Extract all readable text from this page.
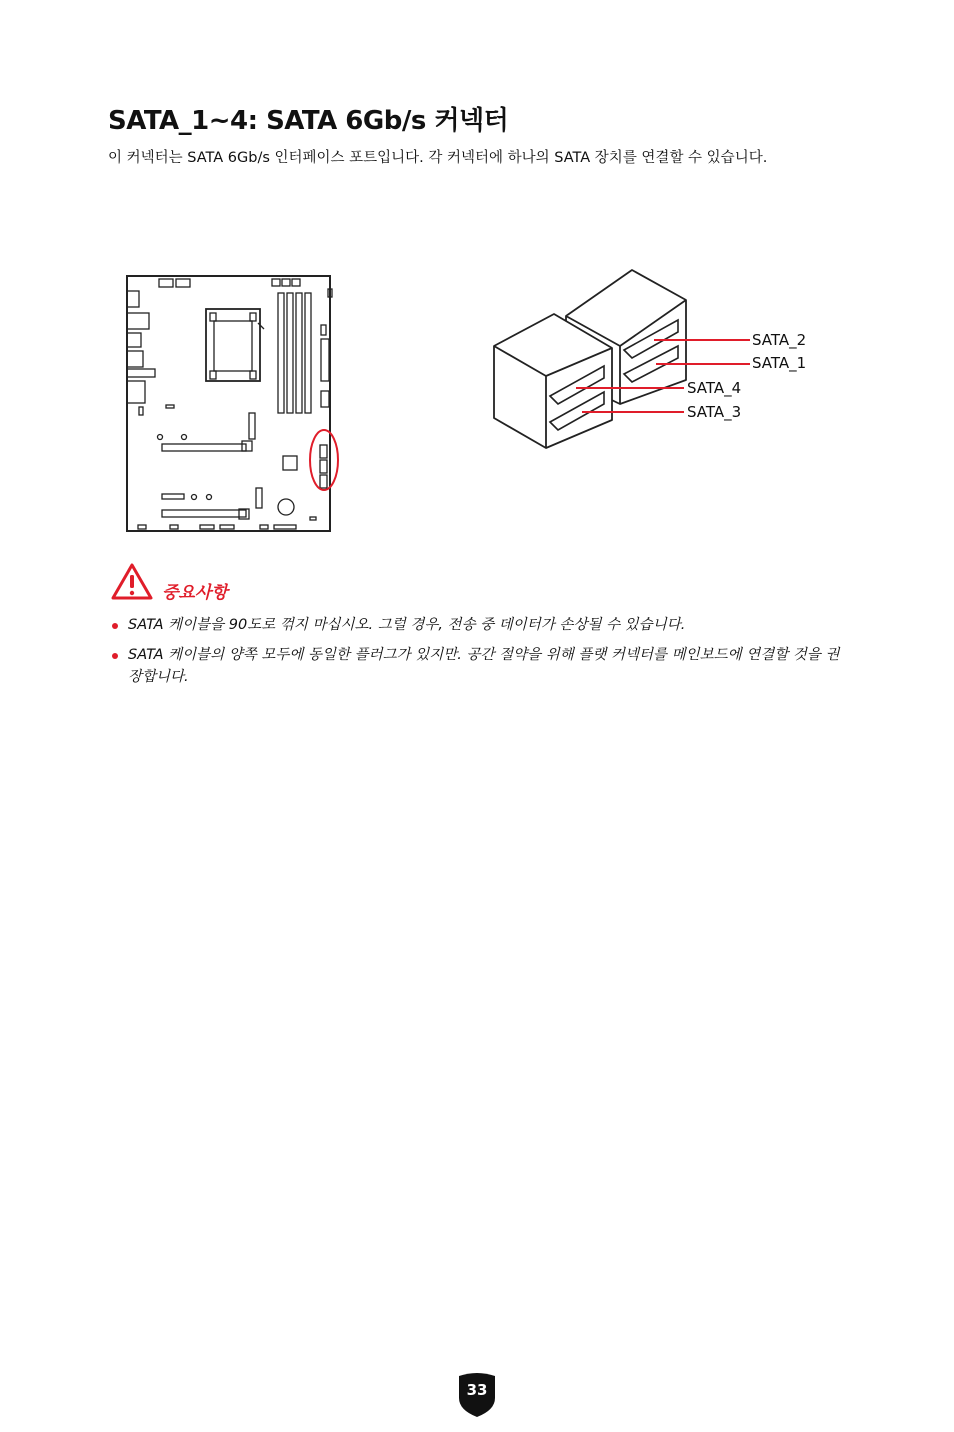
SATA_1~4: SATA 6Gb/s 커넥터

이 커넥터는 SATA 6Gb/s 인터페이스 포트입니다. 각 커넥터에 하나의 SATA 장치를 연결할 수 있습니다.

SATA_2
SATA_1
SATA_4
SATA_3

중요사항

SATA 케이블을 90도로 꺾지 마십시오. 그럴 경우, 전송 중 데이터가 손상될 수 있습니다.
SATA 케이블의 양쪽 모두에 동일한 플러그가 있지만. 공간 절약을 위해 플랫 커넥터를 메인보드에 연결할 것을 권장합니다.
33
